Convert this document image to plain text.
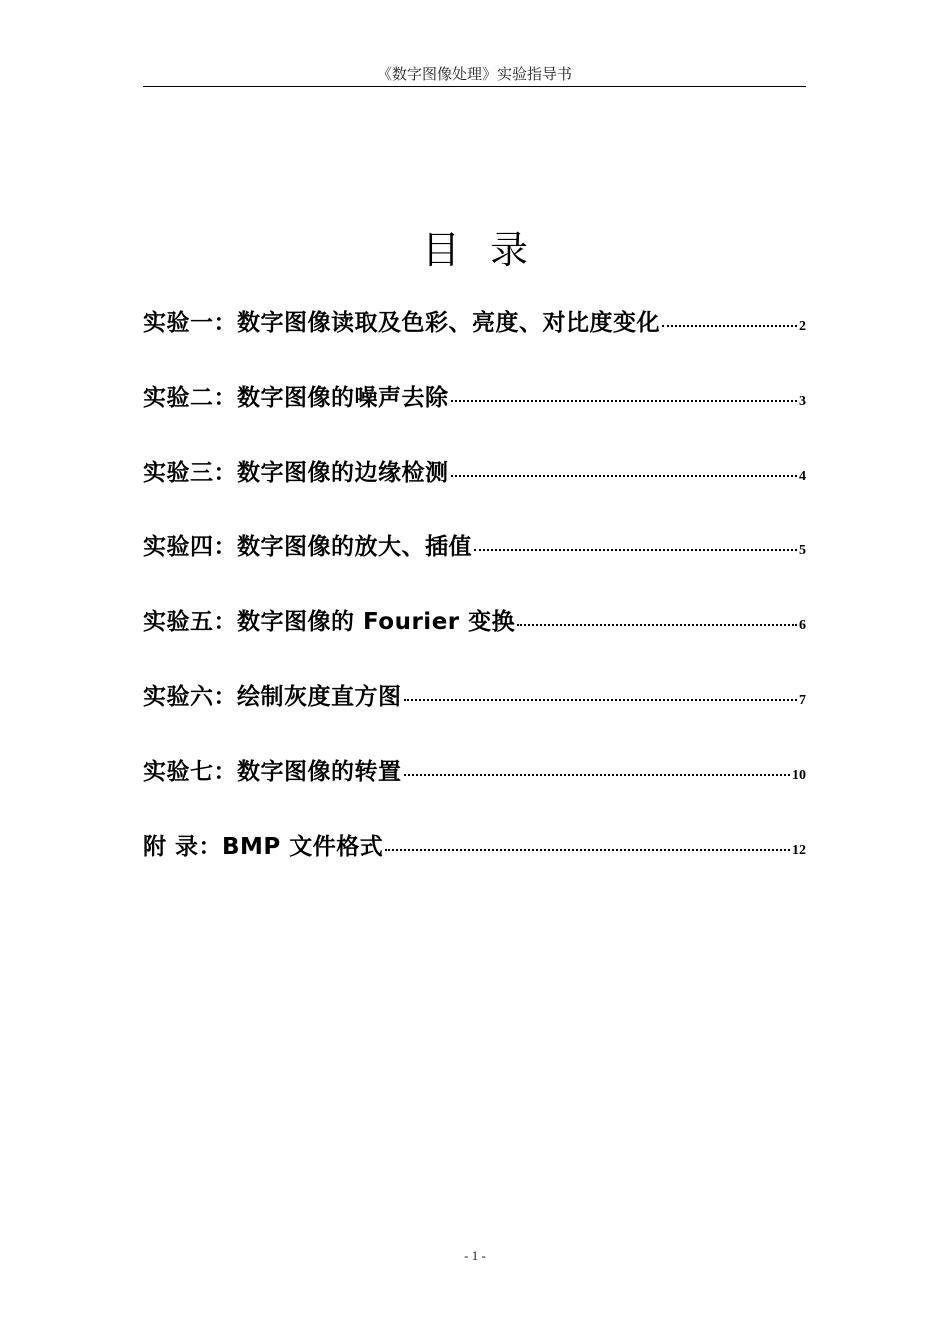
《数字图像处理》实验指导书
目录
实验一：数字图像读取及色彩、亮度、对比度变化	2
实验二：数字图像的噪声去除	3
实验三：数字图像的边缘检测	4
实验四：数字图像的放大、插值	5
实验五：数字图像的 Fourier 变换	6
实验六：绘制灰度直方图	7
实验七：数字图像的转置	10
附 录：BMP 文件格式	12
- 1 -
